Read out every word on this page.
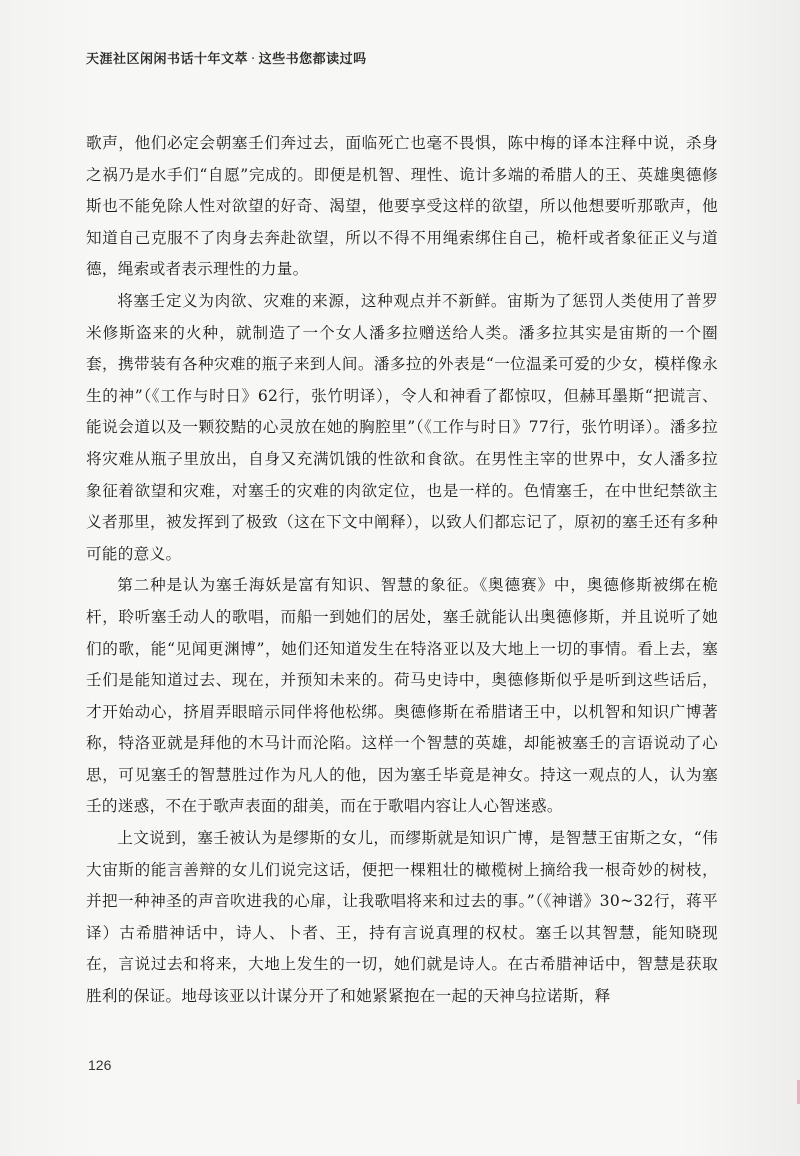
天涯社区闲闲书话十年文萃 · 这些书您都读过吗

歌声，他们必定会朝塞壬们奔过去，面临死亡也毫不畏惧，陈中梅的译本注释中说，杀身之祸乃是水手们“自愿”完成的。即便是机智、理性、诡计多端的希腊人的王、英雄奥德修斯也不能免除人性对欲望的好奇、渴望，他要享受这样的欲望，所以他想要听那歌声，他知道自己克服不了肉身去奔赴欲望，所以不得不用绳索绑住自己，桅杆或者象征正义与道德，绳索或者表示理性的力量。

将塞壬定义为肉欲、灾难的来源，这种观点并不新鲜。宙斯为了惩罚人类使用了普罗米修斯盗来的火种，就制造了一个女人潘多拉赠送给人类。潘多拉其实是宙斯的一个圈套，携带装有各种灾难的瓶子来到人间。潘多拉的外表是“一位温柔可爱的少女，模样像永生的神”（《工作与时日》62行，张竹明译），令人和神看了都惊叹，但赫耳墨斯“把谎言、能说会道以及一颗狡黠的心灵放在她的胸腔里”（《工作与时日》77行，张竹明译）。潘多拉将灾难从瓶子里放出，自身又充满饥饿的性欲和食欲。在男性主宰的世界中，女人潘多拉象征着欲望和灾难，对塞壬的灾难的肉欲定位，也是一样的。色情塞壬，在中世纪禁欲主义者那里，被发挥到了极致（这在下文中阐释），以致人们都忘记了，原初的塞壬还有多种可能的意义。

第二种是认为塞壬海妖是富有知识、智慧的象征。《奥德赛》中，奥德修斯被绑在桅杆，聆听塞壬动人的歌唱，而船一到她们的居处，塞壬就能认出奥德修斯，并且说听了她们的歌，能“见闻更渊博”，她们还知道发生在特洛亚以及大地上一切的事情。看上去，塞壬们是能知道过去、现在，并预知未来的。荷马史诗中，奥德修斯似乎是听到这些话后，才开始动心，挤眉弄眼暗示同伴将他松绑。奥德修斯在希腊诸王中，以机智和知识广博著称，特洛亚就是拜他的木马计而沦陷。这样一个智慧的英雄，却能被塞壬的言语说动了心思，可见塞壬的智慧胜过作为凡人的他，因为塞壬毕竟是神女。持这一观点的人，认为塞壬的迷惑，不在于歌声表面的甜美，而在于歌唱内容让人心智迷惑。

上文说到，塞壬被认为是缪斯的女儿，而缪斯就是知识广博，是智慧王宙斯之女，“伟大宙斯的能言善辩的女儿们说完这话，便把一棵粗壮的橄榄树上摘给我一根奇妙的树枝，并把一种神圣的声音吹进我的心扉，让我歌唱将来和过去的事。”（《神谱》30~32行，蒋平译）古希腊神话中，诗人、卜者、王，持有言说真理的权杖。塞壬以其智慧，能知晓现在，言说过去和将来，大地上发生的一切，她们就是诗人。在古希腊神话中，智慧是获取胜利的保证。地母该亚以计谋分开了和她紧紧抱在一起的天神乌拉诺斯，释

126
